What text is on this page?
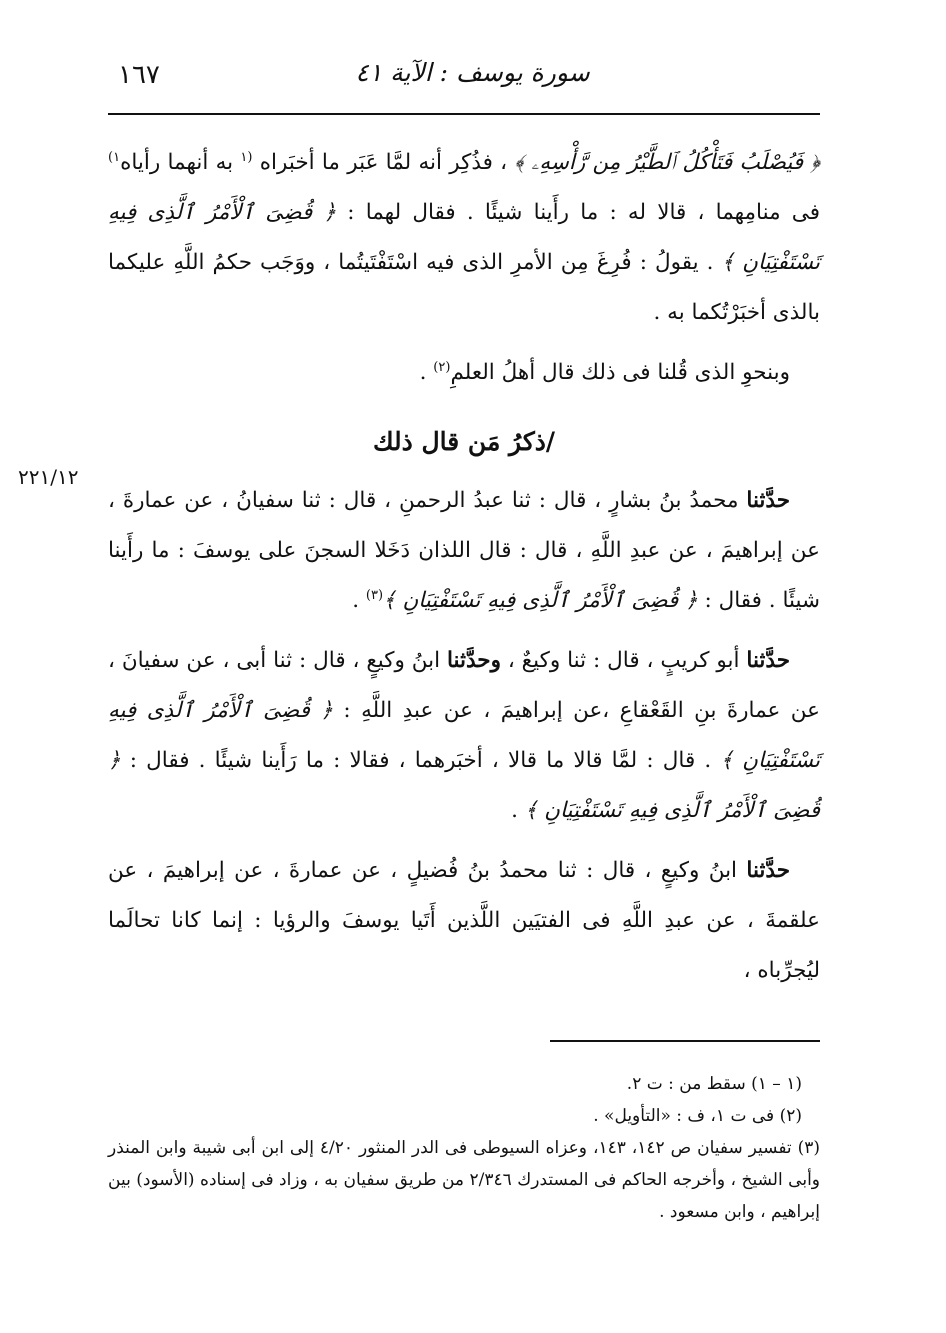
١٦٧	سورة يوسف : الآية ٤١
٢٢١/١٢

﴿ فَيُصْلَبُ فَتَأْكُلُ ٱلطَّيْرُ مِن رَّأْسِهِۦ ﴾ ، فذُكِر أنه لمَّا عَبَر ما أخبَراه $^{(١}$ به أنهما رأياه$^{١)}$ فى منامِهما ، قالا له : ما رأَينا شيئًا . فقال لهما : ﴿ قُضِىَ ٱلْأَمْرُ ٱلَّذِى فِيهِ تَسْتَفْتِيَانِ ﴾ . يقولُ : فُرِغَ مِن الأمرِ الذى فيه اسْتَفْتَيتُما ، ووَجَب حكمُ اللَّهِ عليكما بالذى أخبَرْتُكما به .

وبنحوِ الذى قُلنا فى ذلك قال أهلُ العلمِ$^{(٢)}$ .

/ذكرُ مَن قال ذلك

حدَّثنا محمدُ بنُ بشارٍ ، قال : ثنا عبدُ الرحمنِ ، قال : ثنا سفيانُ ، عن عمارةَ ، عن إبراهيمَ ، عن عبدِ اللَّهِ ، قال : قال اللذان دَخَلا السجنَ على يوسفَ : ما رأَينا شيئًا . فقال : ﴿ قُضِىَ ٱلْأَمْرُ ٱلَّذِى فِيهِ تَسْتَفْتِيَانِ ﴾$^{(٣)}$ .

حدَّثنا أبو كريبٍ ، قال : ثنا وكيعٌ ، وحدَّثنا ابنُ وكيعٍ ، قال : ثنا أبى ، عن سفيانَ ، عن عمارةَ بنِ القَعْقاعِ ،عن إبراهيمَ ، عن عبدِ اللَّهِ : ﴿ قُضِىَ ٱلْأَمْرُ ٱلَّذِى فِيهِ تَسْتَفْتِيَانِ ﴾ . قال : لمَّا قالا ما قالا ، أخبَرهما ، فقالا : ما رَأَينا شيئًا . فقال : ﴿ قُضِىَ ٱلْأَمْرُ ٱلَّذِى فِيهِ تَسْتَفْتِيَانِ ﴾ .

حدَّثنا ابنُ وكيعٍ ، قال : ثنا محمدُ بنُ فُضيلٍ ، عن عمارةَ ، عن إبراهيمَ ، عن علقمةَ ، عن عبدِ اللَّهِ فى الفتيَين اللَّذين أَتَيا يوسفَ والرؤيا : إنما كانا تحالَما ليُجرِّباه ،

(١ – ١) سقط من : ت ٢.

(٢) فى ت ١، ف : «التأويل» .

(٣) تفسير سفيان ص ١٤٢، ١٤٣، وعزاه السيوطى فى الدر المنثور ٤/٢٠ إلى ابن أبى شيبة وابن المنذر وأبى الشيخ ، وأخرجه الحاكم فى المستدرك ٢/٣٤٦ من طريق سفيان به ، وزاد فى إسناده (الأسود) بين إبراهيم ، وابن مسعود .
